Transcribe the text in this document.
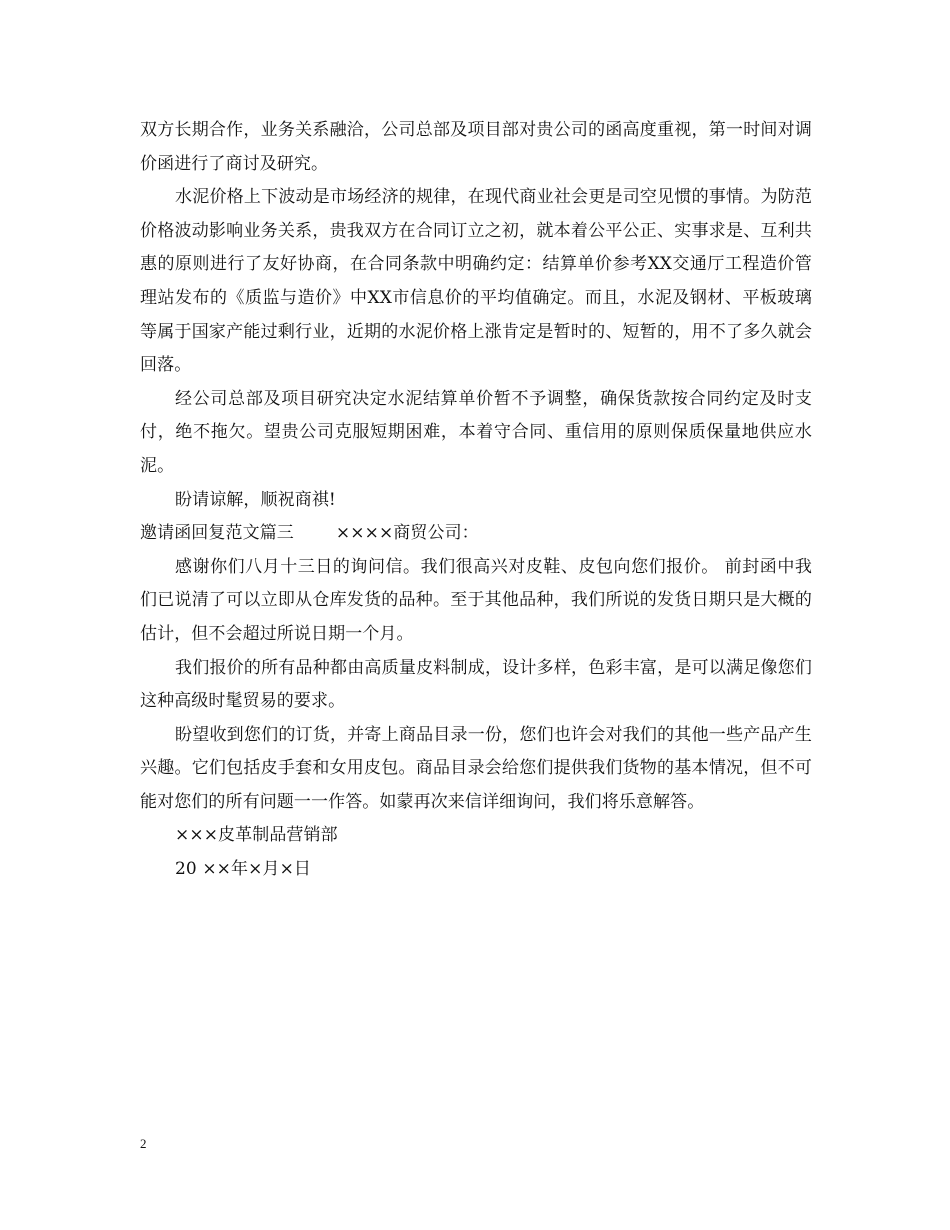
双方长期合作，业务关系融洽，公司总部及项目部对贵公司的函高度重视，第一时间对调价函进行了商讨及研究。

水泥价格上下波动是市场经济的规律，在现代商业社会更是司空见惯的事情。为防范价格波动影响业务关系，贵我双方在合同订立之初，就本着公平公正、实事求是、互利共惠的原则进行了友好协商，在合同条款中明确约定：结算单价参考XX交通厅工程造价管理站发布的《质监与造价》中XX市信息价的平均值确定。而且，水泥及钢材、平板玻璃等属于国家产能过剩行业，近期的水泥价格上涨肯定是暂时的、短暂的，用不了多久就会回落。

经公司总部及项目研究决定水泥结算单价暂不予调整，确保货款按合同约定及时支付，绝不拖欠。望贵公司克服短期困难，本着守合同、重信用的原则保质保量地供应水泥。

盼请谅解，顺祝商祺!

邀请函回复范文篇三 ××××商贸公司：

感谢你们八月十三日的询问信。我们很高兴对皮鞋、皮包向您们报价。 前封函中我们已说清了可以立即从仓库发货的品种。至于其他品种，我们所说的发货日期只是大概的估计，但不会超过所说日期一个月。

我们报价的所有品种都由高质量皮料制成，设计多样，色彩丰富，是可以满足像您们这种高级时髦贸易的要求。

盼望收到您们的订货，并寄上商品目录一份，您们也许会对我们的其他一些产品产生兴趣。它们包括皮手套和女用皮包。商品目录会给您们提供我们货物的基本情况，但不可能对您们的所有问题一一作答。如蒙再次来信详细询问，我们将乐意解答。

×××皮革制品营销部

20 ××年×月×日

2
